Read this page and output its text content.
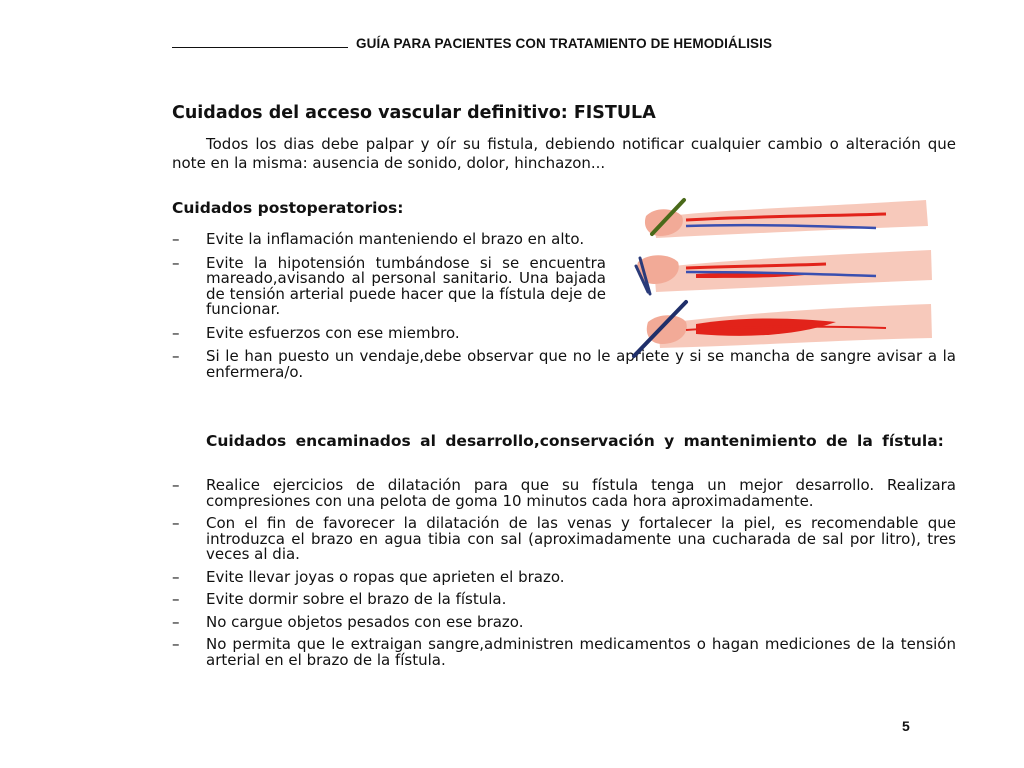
GUÍA PARA PACIENTES CON TRATAMIENTO DE HEMODIÁLISIS
Cuidados del acceso vascular definitivo: FISTULA

Todos los dias debe palpar y oír su fistula, debiendo notificar cualquier cambio o alteración que note en la misma: ausencia de sonido, dolor, hinchazon...

Cuidados postoperatorios:
– Evite la inflamación manteniendo el brazo en alto.
– Evite la hipotensión tumbándose si se encuentra mareado,avisando al personal sanitario. Una bajada de tensión arterial puede hacer que la fístula deje de funcionar.
– Evite esfuerzos con ese miembro.
– Si le han puesto un vendaje,debe observar que no le apriete y si se mancha de sangre avisar a la enfermera/o.
Cuidados encaminados al desarrollo,conservación y mantenimiento de la fístula:
– Realice ejercicios de dilatación para que su fístula tenga un mejor desarrollo. Realizara compresiones con una pelota de goma 10 minutos cada hora aproximadamente.
– Con el fin de favorecer la dilatación de las venas y fortalecer la piel, es recomendable que introduzca el brazo en agua tibia con sal (aproximadamente una cucharada de sal por litro), tres veces al dia.
– Evite llevar joyas o ropas que aprieten el brazo.
– Evite dormir sobre el brazo de la fístula.
– No cargue objetos pesados con ese brazo.
– No permita que le extraigan sangre,administren medicamentos o hagan mediciones de la tensión arterial en el brazo de la fístula.
5
